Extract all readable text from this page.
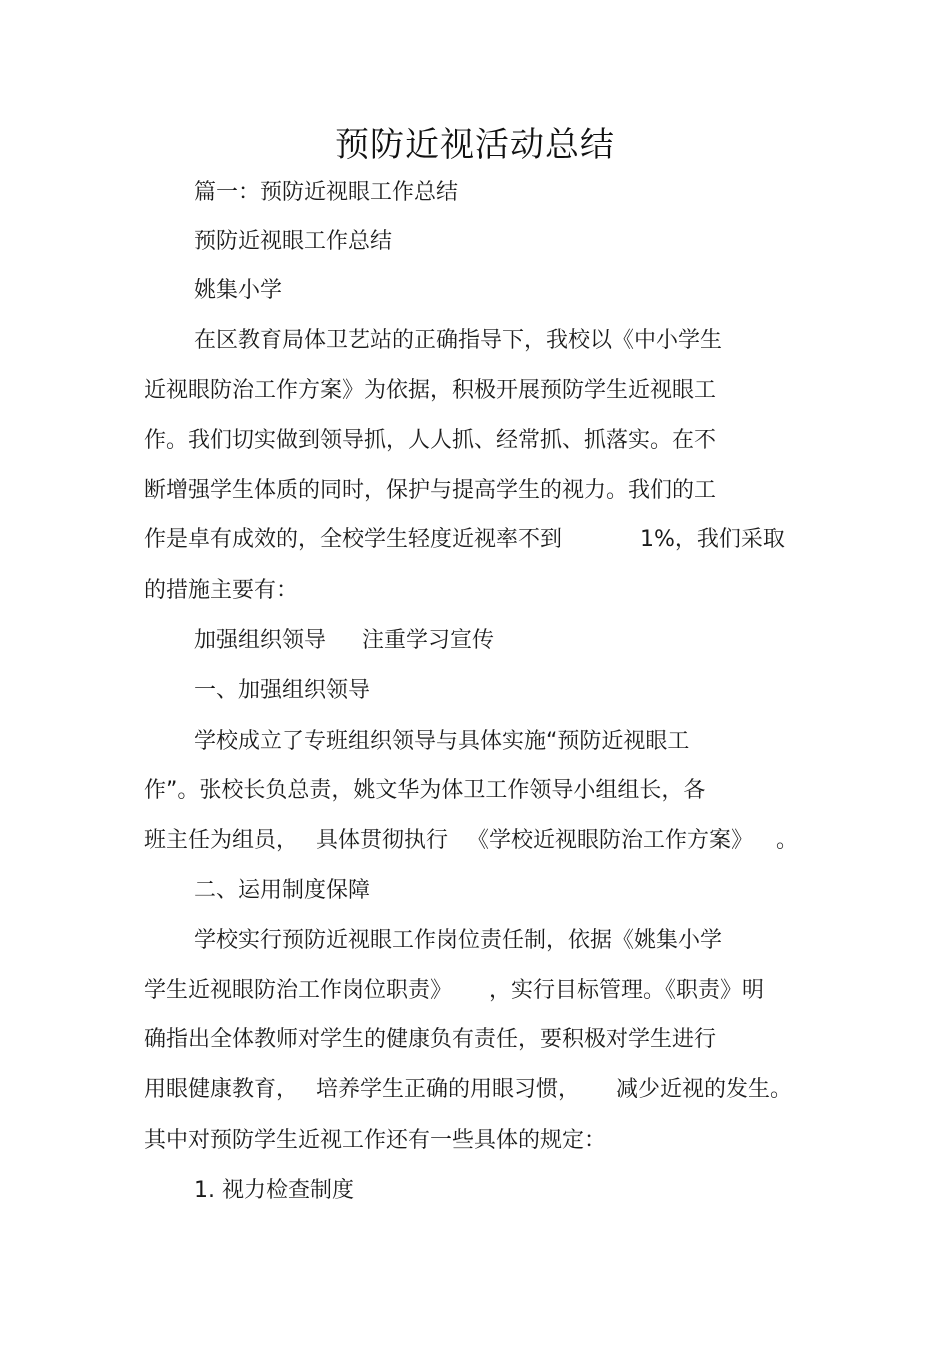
预防近视活动总结
篇一：预防近视眼工作总结
预防近视眼工作总结
姚集小学
在区教育局体卫艺站的正确指导下，我校以《中小学生
近视眼防治工作方案》为依据，积极开展预防学生近视眼工
作。我们切实做到领导抓，人人抓、经常抓、抓落实。在不
断增强学生体质的同时，保护与提高学生的视力。我们的工
作是卓有成效的，全校学生轻度近视率不到	1%，我们采取
的措施主要有：
加强组织领导 注重学习宣传
一、加强组织领导
学校成立了专班组织领导与具体实施“预防近视眼工
作”。张校长负总责，姚文华为体卫工作领导小组组长，各
班主任为组员， 具体贯彻执行 《学校近视眼防治工作方案》 。
二、运用制度保障
学校实行预防近视眼工作岗位责任制，依据《姚集小学
学生近视眼防治工作岗位职责》 ，实行目标管理。《职责》明
确指出全体教师对学生的健康负有责任，要积极对学生进行
用眼健康教育， 培养学生正确的用眼习惯， 减少近视的发生。
其中对预防学生近视工作还有一些具体的规定：
1. 视力检查制度
